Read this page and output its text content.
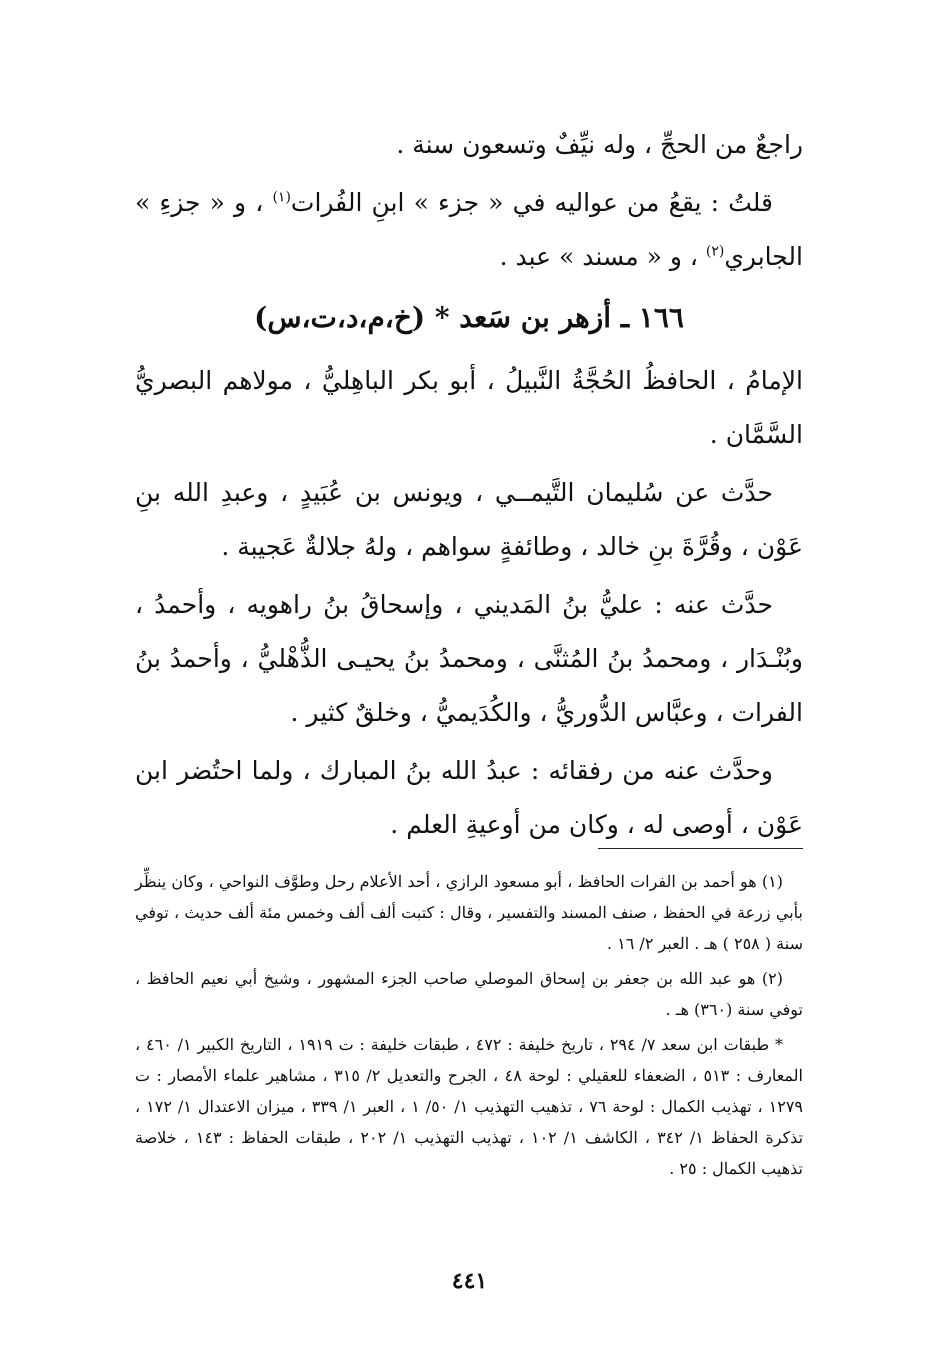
راجعٌ من الحجِّ ، وله نيِّفٌ وتسعون سنة .

قلتُ : يقعُ من عواليه في « جزء » ابنِ الفُرات$^{(١)}$ ، و « جزءِ » الجابري$^{(٢)}$ ، و « مسند » عبد .

١٦٦ ـ أزهر بن سَعد * (خ،م،د،ت،س)

الإمامُ ، الحافظُ الحُجَّةُ النَّبيلُ ، أبو بكر الباهِليُّ ، مولاهم البصريُّ السَّمَّان .

حدَّث عن سُليمان التَّيمــي ، ويونس بن عُبَيدٍ ، وعبدِ الله بنِ عَوْن ، وقُرَّةَ بنِ خالد ، وطائفةٍ سواهم ، ولهُ جلالةٌ عَجيبة .

حدَّث عنه : عليُّ بنُ المَديني ، وإسحاقُ بنُ راهويه ، وأحمدُ ، وبُنْـدَار ، ومحمدُ بنُ المُثنَّى ، ومحمدُ بنُ يحيـى الذُّهْليُّ ، وأحمدُ بنُ الفرات ، وعبَّاس الدُّوريُّ ، والكُدَيميُّ ، وخلقٌ كثير .

وحدَّث عنه من رفقائه : عبدُ الله بنُ المبارك ، ولما احتُضر ابن عَوْن ، أوصى له ، وكان من أوعيةِ العلم .

(١) هو أحمد بن الفرات الحافظ ، أبو مسعود الرازي ، أحد الأعلام رحل وطوَّف النواحي ، وكان ينظِّر بأبي زرعة في الحفظ ، صنف المسند والتفسير ، وقال : كتبت ألف ألف وخمس مئة ألف حديث ، توفي سنة ( ٢٥٨ ) هـ . العبر ٢/ ١٦ .

(٢) هو عبد الله بن جعفر بن إسحاق الموصلي صاحب الجزء المشهور ، وشيخ أبي نعيم الحافظ ، توفي سنة (٣٦٠) هـ .

* طبقات ابن سعد ٧/ ٢٩٤ ، تاريخ خليفة : ٤٧٢ ، طبقات خليفة : ت ١٩١٩ ، التاريخ الكبير ١/ ٤٦٠ ، المعارف : ٥١٣ ، الضعفاء للعقيلي : لوحة ٤٨ ، الجرح والتعديل ٢/ ٣١٥ ، مشاهير علماء الأمصار : ت ١٢٧٩ ، تهذيب الكمال : لوحة ٧٦ ، تذهيب التهذيب ١/ ٥٠/ ١ ، العبر ١/ ٣٣٩ ، ميزان الاعتدال ١/ ١٧٢ ، تذكرة الحفاظ ١/ ٣٤٢ ، الكاشف ١/ ١٠٢ ، تهذيب التهذيب ١/ ٢٠٢ ، طبقات الحفاظ : ١٤٣ ، خلاصة تذهيب الكمال : ٢٥ .

٤٤١
